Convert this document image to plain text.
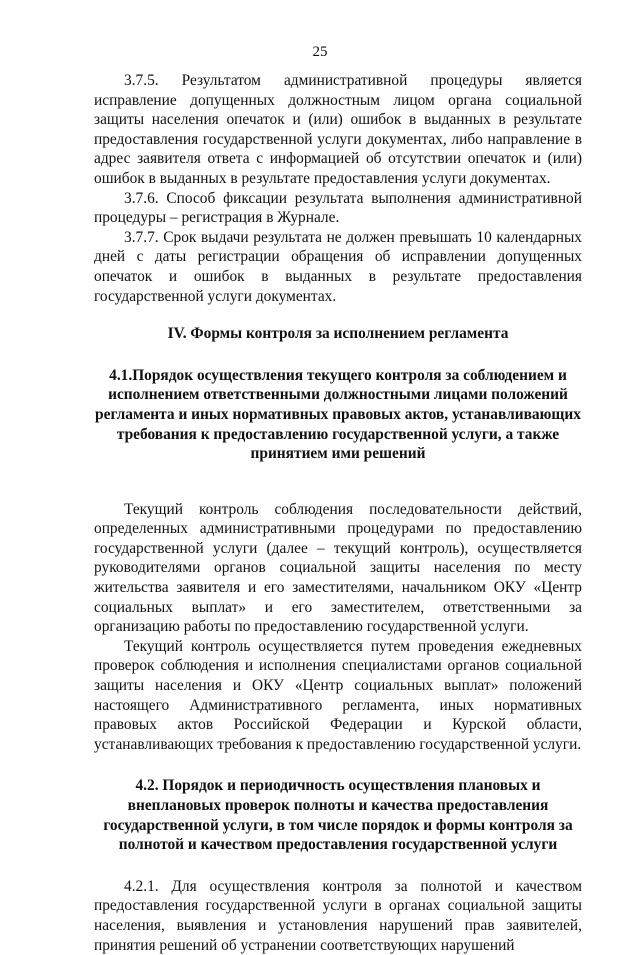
25

3.7.5. Результатом административной процедуры является исправление допущенных должностным лицом органа социальной защиты населения опечаток и (или) ошибок в выданных в результате предоставления государственной услуги документах, либо направление в адрес заявителя ответа с информацией об отсутствии опечаток и (или) ошибок в выданных в результате предоставления услуги документах.

3.7.6. Способ фиксации результата выполнения административной процедуры – регистрация в Журнале.

3.7.7. Срок выдачи результата не должен превышать 10 календарных дней с даты регистрации обращения об исправлении допущенных опечаток и ошибок в выданных в результате предоставления государственной услуги документах.

IV. Формы контроля за исполнением регламента
4.1.Порядок осуществления текущего контроля за соблюдением и исполнением ответственными должностными лицами положений регламента и иных нормативных правовых актов, устанавливающих требования к предоставлению государственной услуги, а также принятием ими решений

Текущий контроль соблюдения последовательности действий, определенных административными процедурами по предоставлению государственной услуги (далее – текущий контроль), осуществляется руководителями органов социальной защиты населения по месту жительства заявителя и его заместителями, начальником ОКУ «Центр социальных выплат» и его заместителем, ответственными за организацию работы по предоставлению государственной услуги.

Текущий контроль осуществляется путем проведения ежедневных проверок соблюдения и исполнения специалистами органов социальной защиты населения и ОКУ «Центр социальных выплат» положений настоящего Административного регламента, иных нормативных правовых актов Российской Федерации и Курской области, устанавливающих требования к предоставлению государственной услуги.

4.2. Порядок и периодичность осуществления плановых и внеплановых проверок полноты и качества предоставления государственной услуги, в том числе порядок и формы контроля за полнотой и качеством предоставления государственной услуги

4.2.1. Для осуществления контроля за полнотой и качеством предоставления государственной услуги в органах социальной защиты населения, выявления и установления нарушений прав заявителей, принятия решений об устранении соответствующих нарушений
